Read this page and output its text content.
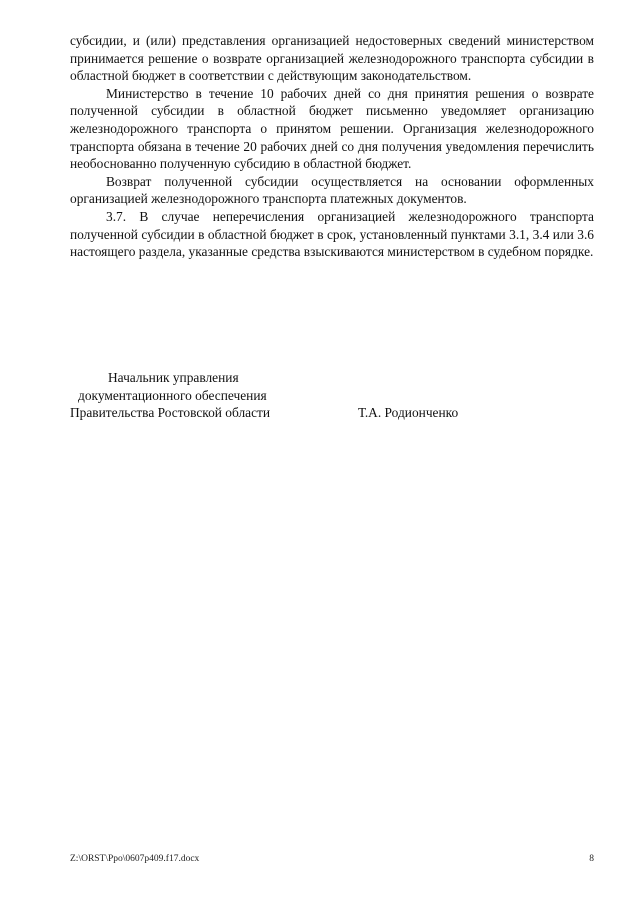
субсидии, и (или) представления организацией недостоверных сведений министерством принимается решение о возврате организацией железнодорожного транспорта субсидии в областной бюджет в соответствии с действующим законодательством.

Министерство в течение 10 рабочих дней со дня принятия решения о возврате полученной субсидии в областной бюджет письменно уведомляет организацию железнодорожного транспорта о принятом решении. Организация железнодорожного транспорта обязана в течение 20 рабочих дней со дня получения уведомления перечислить необоснованно полученную субсидию в областной бюджет.

Возврат полученной субсидии осуществляется на основании оформленных организацией железнодорожного транспорта платежных документов.

3.7. В случае неперечисления организацией железнодорожного транспорта полученной субсидии в областной бюджет в срок, установленный пунктами 3.1, 3.4 или 3.6 настоящего раздела, указанные средства взыскиваются министерством в судебном порядке.

Начальник управления
документационного обеспечения
Правительства Ростовской области	Т.А. Родионченко
Z:\ORST\Ppo\0607p409.f17.docx	8
